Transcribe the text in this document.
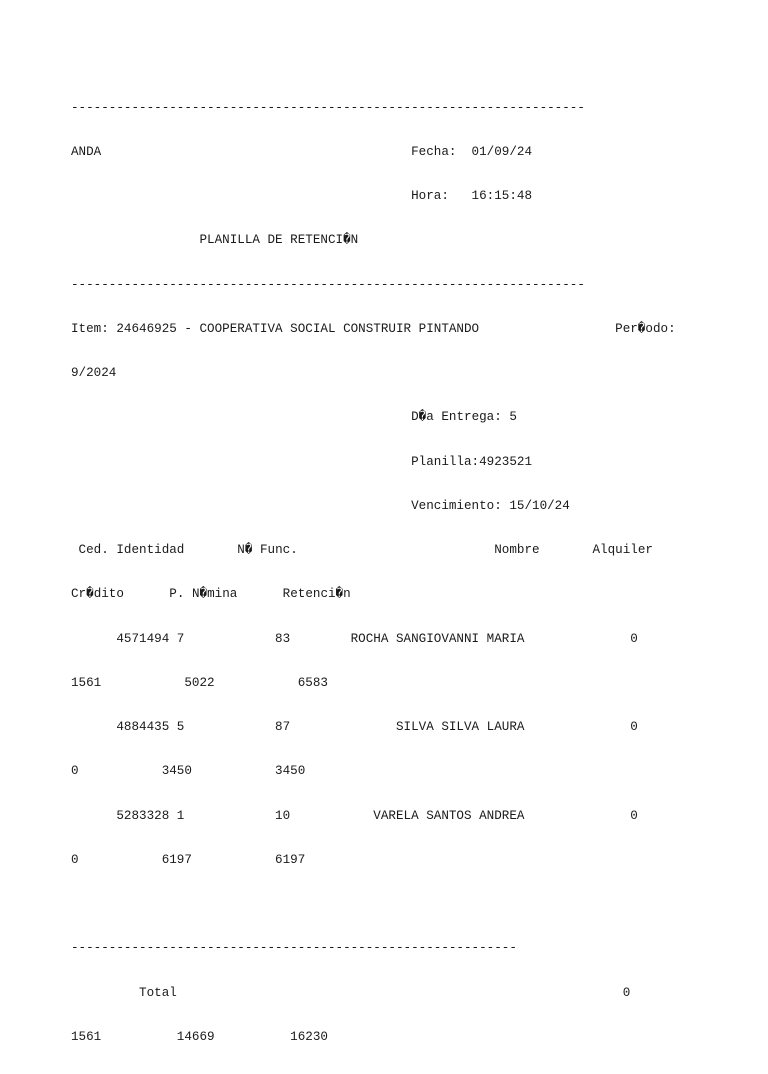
--------------------------------------------------------------------

ANDA                                         Fecha:  01/09/24

Hora:   16:15:48

PLANILLA DE RETENCI�N

--------------------------------------------------------------------

Item: 24646925 - COOPERATIVA SOCIAL CONSTRUIR PINTANDO                  Per�odo:

9/2024

D�a Entrega: 5

Planilla:4923521

Vencimiento: 15/10/24

Ced. Identidad       N� Func.                          Nombre       Alquiler

Cr�dito      P. N�mina      Retenci�n

4571494 7            83        ROCHA SANGIOVANNI MARIA              0

1561           5022           6583

4884435 5            87              SILVA SILVA LAURA              0

0           3450           3450

5283328 1            10           VARELA SANTOS ANDREA              0

0           6197           6197

-----------------------------------------------------------

Total                                                           0

1561          14669          16230
